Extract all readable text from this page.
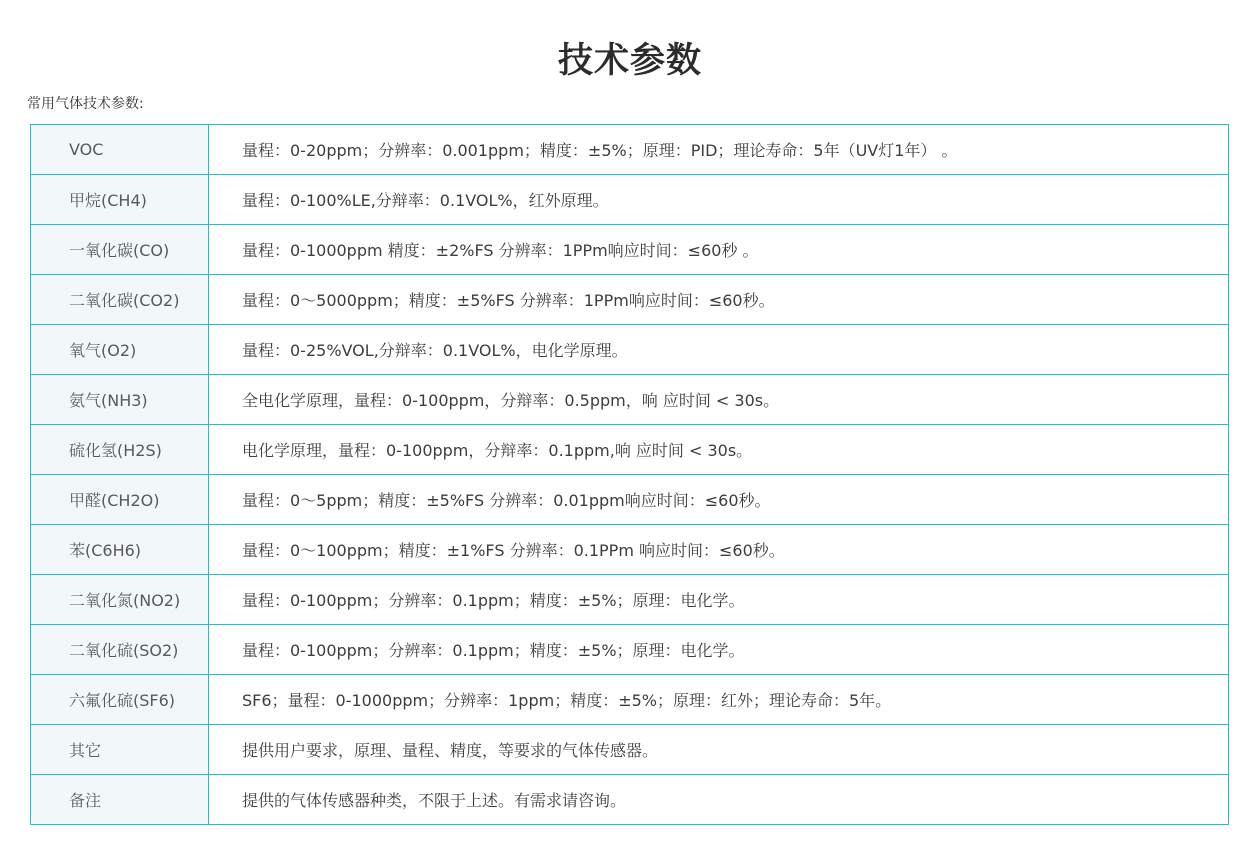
技术参数
常用气体技术参数:
VOC	量程：0-20ppm；分辨率：0.001ppm；精度：±5%；原理：PID；理论寿命：5年（UV灯1年） 。
甲烷(CH4)	量程：0-100%LE,分辩率：0.1VOL%，红外原理。
一氧化碳(CO)	量程：0-1000ppm 精度：±2%FS 分辨率：1PPm响应时间：≤60秒 。
二氧化碳(CO2)	量程：0～5000ppm；精度：±5%FS 分辨率：1PPm响应时间：≤60秒。
氧气(O2)	量程：0-25%VOL,分辩率：0.1VOL%，电化学原理。
氨气(NH3)	全电化学原理，量程：0-100ppm，分辩率：0.5ppm，响 应时间 < 30s。
硫化氢(H2S)	电化学原理，量程：0-100ppm，分辩率：0.1ppm,响 应时间 < 30s。
甲醛(CH2O)	量程：0～5ppm；精度：±5%FS 分辨率：0.01ppm响应时间：≤60秒。
苯(C6H6)	量程：0～100ppm；精度：±1%FS 分辨率：0.1PPm 响应时间：≤60秒。
二氧化氮(NO2)	量程：0-100ppm；分辨率：0.1ppm；精度：±5%；原理：电化学。
二氧化硫(SO2)	量程：0-100ppm；分辨率：0.1ppm；精度：±5%；原理：电化学。
六氟化硫(SF6)	SF6；量程：0-1000ppm；分辨率：1ppm；精度：±5%；原理：红外；理论寿命：5年。
其它	提供用户要求，原理、量程、精度，等要求的气体传感器。
备注	提供的气体传感器种类，不限于上述。有需求请咨询。
